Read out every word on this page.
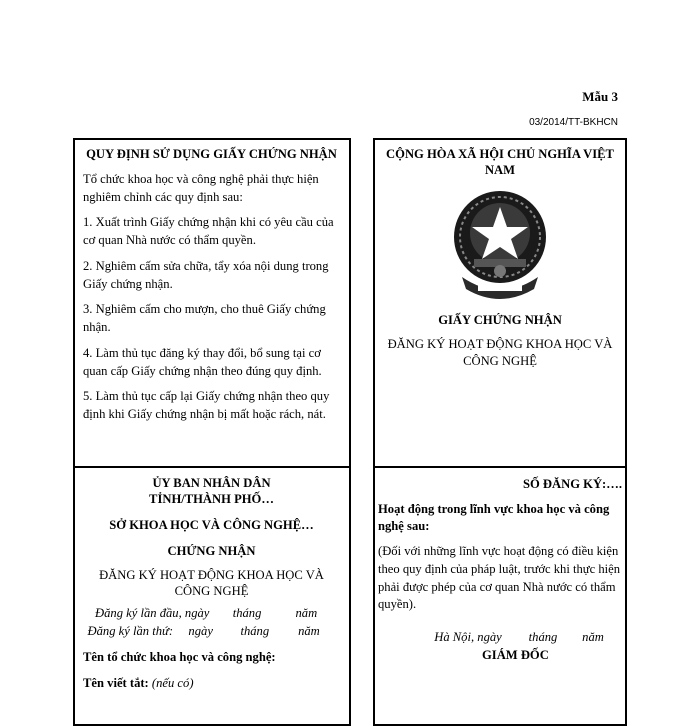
Mẫu 3
03/2014/TT-BKHCN
QUY ĐỊNH SỬ DỤNG GIẤY CHỨNG NHẬN

Tổ chức khoa học và công nghệ phải thực hiện nghiêm chỉnh các quy định sau:

1. Xuất trình Giấy chứng nhận khi có yêu cầu của cơ quan Nhà nước có thẩm quyền.

2. Nghiêm cấm sửa chữa, tẩy xóa nội dung trong Giấy chứng nhận.

3. Nghiêm cấm cho mượn, cho thuê Giấy chứng nhận.

4. Làm thủ tục đăng ký thay đổi, bổ sung tại cơ quan cấp Giấy chứng nhận theo đúng quy định.

5. Làm thủ tục cấp lại Giấy chứng nhận theo quy định khi Giấy chứng nhận bị mất hoặc rách, nát.

CỘNG HÒA XÃ HỘI CHỦ NGHĨA VIỆT NAM
GIẤY CHỨNG NHẬN
ĐĂNG KÝ HOẠT ĐỘNG KHOA HỌC VÀ CÔNG NGHỆ
ỦY BAN NHÂN DÂN
TỈNH/THÀNH PHỐ…
SỞ KHOA HỌC VÀ CÔNG NGHỆ…
CHỨNG NHẬN
ĐĂNG KÝ HOẠT ĐỘNG KHOA HỌC VÀ CÔNG NGHỆ
Đăng ký lần đầu, ngày	tháng	năm
Đăng ký lần thứ:	ngày	tháng	năm
Tên tổ chức khoa học và công nghệ:
Tên viết tắt: (nếu có)
SỐ ĐĂNG KÝ:….
Hoạt động trong lĩnh vực khoa học và công nghệ sau:
(Đối với những lĩnh vực hoạt động có điều kiện theo quy định của pháp luật, trước khi thực hiện phải được phép của cơ quan Nhà nước có thẩm quyền).
Hà Nội, ngày	tháng	năm
GIÁM ĐỐC
